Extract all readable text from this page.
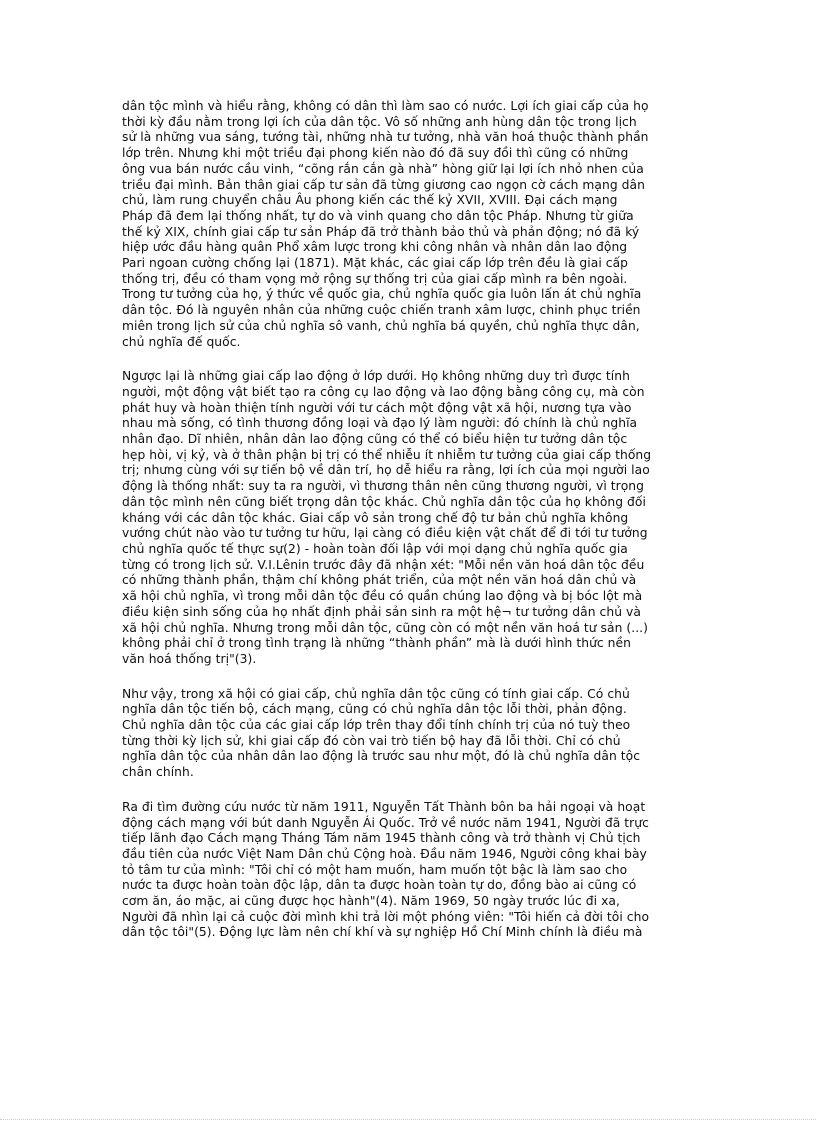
dân tộc mình và hiểu rằng, không có dân thì làm sao có nước. Lợi ích giai cấp của họ
thời kỳ đầu nằm trong lợi ích của dân tộc. Vô số những anh hùng dân tộc trong lịch
sử là những vua sáng, tướng tài, những nhà tư tưởng, nhà văn hoá thuộc thành phần
lớp trên. Nhưng khi một triều đại phong kiến nào đó đã suy đồi thì cũng có những
ông vua bán nước cầu vinh, “cõng rắn cắn gà nhà” hòng giữ lại lợi ích nhỏ nhen của
triều đại mình. Bản thân giai cấp tư sản đã từng giương cao ngọn cờ cách mạng dân
chủ, làm rung chuyển châu Âu phong kiến các thế kỷ XVII, XVIII. Đại cách mạng
Pháp đã đem lại thống nhất, tự do và vinh quang cho dân tộc Pháp. Nhưng từ giữa
thế kỷ XIX, chính giai cấp tư sản Pháp đã trở thành bảo thủ và phản động; nó đã ký
hiệp ước đầu hàng quân Phổ xâm lược trong khi công nhân và nhân dân lao động
Pari ngoan cường chống lại (1871). Mặt khác, các giai cấp lớp trên đều là giai cấp
thống trị, đều có tham vọng mở rộng sự thống trị của giai cấp mình ra bên ngoài.
Trong tư tưởng của họ, ý thức về quốc gia, chủ nghĩa quốc gia luôn lấn át chủ nghĩa
dân tộc. Đó là nguyên nhân của những cuộc chiến tranh xâm lược, chinh phục triền
miên trong lịch sử của chủ nghĩa sô vanh, chủ nghĩa bá quyền, chủ nghĩa thực dân,
chủ nghĩa đế quốc.

Ngược lại là những giai cấp lao động ở lớp dưới. Họ không những duy trì được tính
người, một động vật biết tạo ra công cụ lao động và lao động bằng công cụ, mà còn
phát huy và hoàn thiện tính người với tư cách một động vật xã hội, nương tựa vào
nhau mà sống, có tình thương đồng loại và đạo lý làm người: đó chính là chủ nghĩa
nhân đạo. Dĩ nhiên, nhân dân lao động cũng có thể có biểu hiện tư tưởng dân tộc
hẹp hòi, vị kỷ, và ở thân phận bị trị có thể nhiễu ít nhiễm tư tưởng của giai cấp thống
trị; nhưng cùng với sự tiến bộ về dân trí, họ dễ hiểu ra rằng, lợi ích của mọi người lao
động là thống nhất: suy ta ra người, vì thương thân nên cũng thương người, vì trọng
dân tộc mình nên cũng biết trọng dân tộc khác. Chủ nghĩa dân tộc của họ không đối
kháng với các dân tộc khác. Giai cấp vô sản trong chế độ tư bản chủ nghĩa không
vướng chút nào vào tư tưởng tư hữu, lại càng có điều kiện vật chất để đi tới tư tưởng
chủ nghĩa quốc tế thực sự(2) - hoàn toàn đối lập với mọi dạng chủ nghĩa quốc gia
từng có trong lịch sử. V.I.Lênin trước đây đã nhận xét: "Mỗi nền văn hoá dân tộc đều
có những thành phần, thậm chí không phát triển, của một nền văn hoá dân chủ và
xã hội chủ nghĩa, vì trong mỗi dân tộc đều có quần chúng lao động và bị bóc lột mà
điều kiện sinh sống của họ nhất định phải sản sinh ra một hệ¬ tư tưởng dân chủ và
xã hội chủ nghĩa. Nhưng trong mỗi dân tộc, cũng còn có một nền văn hoá tư sản (...)
không phải chỉ ở trong tình trạng là những “thành phần” mà là dưới hình thức nền
văn hoá thống trị"(3).

Như vậy, trong xã hội có giai cấp, chủ nghĩa dân tộc cũng có tính giai cấp. Có chủ
nghĩa dân tộc tiến bộ, cách mạng, cũng có chủ nghĩa dân tộc lỗi thời, phản động.
Chủ nghĩa dân tộc của các giai cấp lớp trên thay đổi tính chính trị của nó tuỳ theo
từng thời kỳ lịch sử, khi giai cấp đó còn vai trò tiến bộ hay đã lỗi thời. Chỉ có chủ
nghĩa dân tộc của nhân dân lao động là trước sau như một, đó là chủ nghĩa dân tộc
chân chính.

Ra đi tìm đường cứu nước từ năm 1911, Nguyễn Tất Thành bôn ba hải ngoại và hoạt
động cách mạng với bút danh Nguyễn Ái Quốc. Trở về nước năm 1941, Người đã trực
tiếp lãnh đạo Cách mạng Tháng Tám năm 1945 thành công và trở thành vị Chủ tịch
đầu tiên của nước Việt Nam Dân chủ Cộng hoà. Đầu năm 1946, Người công khai bày
tỏ tâm tư của mình: "Tôi chỉ có một ham muốn, ham muốn tột bậc là làm sao cho
nước ta được hoàn toàn độc lập, dân ta được hoàn toàn tự do, đồng bào ai cũng có
cơm ăn, áo mặc, ai cũng được học hành"(4). Năm 1969, 50 ngày trước lúc đi xa,
Người đã nhìn lại cả cuộc đời mình khi trả lời một phóng viên: "Tôi hiến cả đời tôi cho
dân tộc tôi"(5). Động lực làm nên chí khí và sự nghiệp Hồ Chí Minh chính là điều mà
